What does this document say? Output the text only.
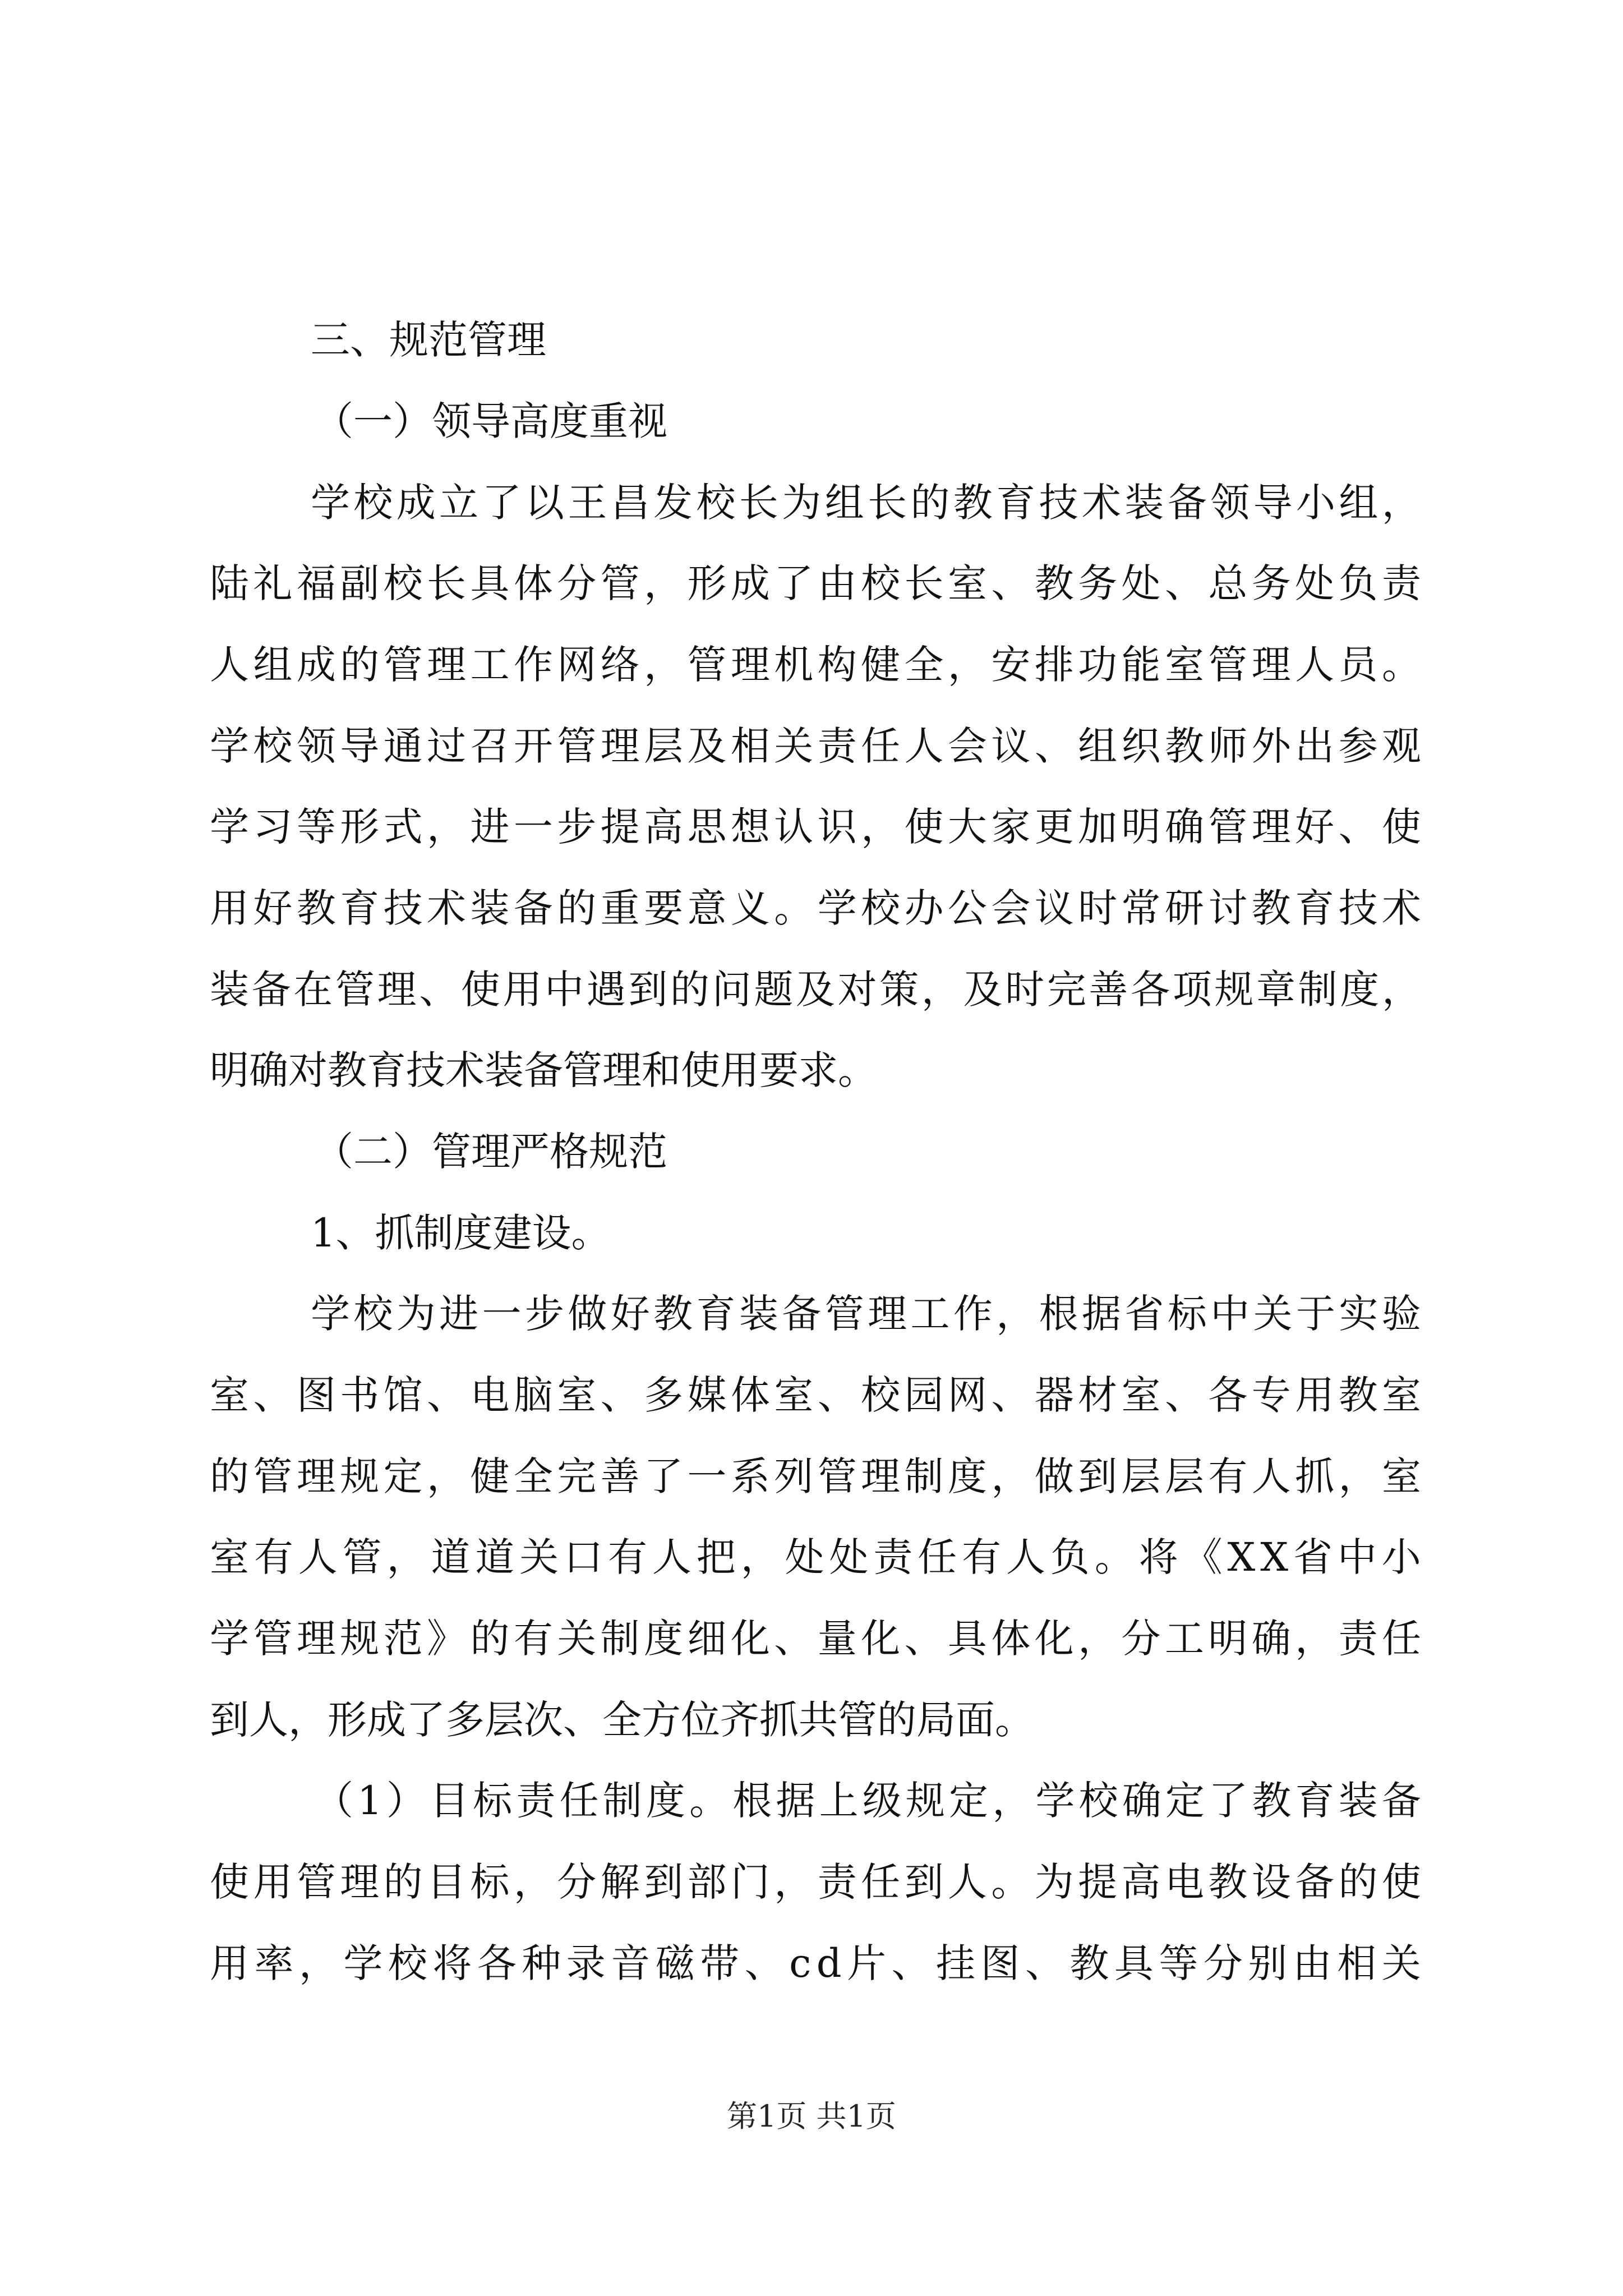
三、规范管理
（一）领导高度重视
学 校 成 立 了 以 王 昌 发 校 长 为 组 长 的 教 育 技 术 装 备 领 导 小 组 ，
陆 礼 福 副 校 长 具 体 分 管 ， 形 成 了 由 校 长 室 、 教 务 处 、 总 务 处 负 责
人 组 成 的 管 理 工 作 网 络 ， 管 理 机 构 健 全 ， 安 排 功 能 室 管 理 人 员 。
学 校 领 导 通 过 召 开 管 理 层 及 相 关 责 任 人 会 议 、 组 织 教 师 外 出 参 观
学 习 等 形 式 ， 进 一 步 提 高 思 想 认 识 ， 使 大 家 更 加 明 确 管 理 好 、 使
用 好 教 育 技 术 装 备 的 重 要 意 义 。 学 校 办 公 会 议 时 常 研 讨 教 育 技 术
装 备 在 管 理 、 使 用 中 遇 到 的 问 题 及 对 策 ， 及 时 完 善 各 项 规 章 制 度 ，
明确对教育技术装备管理和使用要求。
（二）管理严格规范
1、抓制度建设。
学 校 为 进 一 步 做 好 教 育 装 备 管 理 工 作 ， 根 据 省 标 中 关 于 实 验
室 、 图 书 馆 、 电 脑 室 、 多 媒 体 室 、 校 园 网 、 器 材 室 、 各 专 用 教 室
的 管 理 规 定 ， 健 全 完 善 了 一 系 列 管 理 制 度 ， 做 到 层 层 有 人 抓 ， 室
室 有 人 管 ， 道 道 关 口 有 人 把 ， 处 处 责 任 有 人 负 。 将 《 X X 省 中 小
学 管 理 规 范 》 的 有 关 制 度 细 化 、 量 化 、 具 体 化 ， 分 工 明 确 ， 责 任
到人，形成了多层次、全方位齐抓共管的局面。
（ 1 ） 目 标 责 任 制 度 。 根 据 上 级 规 定 ， 学 校 确 定 了 教 育 装 备
使 用 管 理 的 目 标 ， 分 解 到 部 门 ， 责 任 到 人 。 为 提 高 电 教 设 备 的 使
用 率 ， 学 校 将 各 种 录 音 磁 带 、 c d 片 、 挂 图 、 教 具 等 分 别 由 相 关
第1页 共1页
